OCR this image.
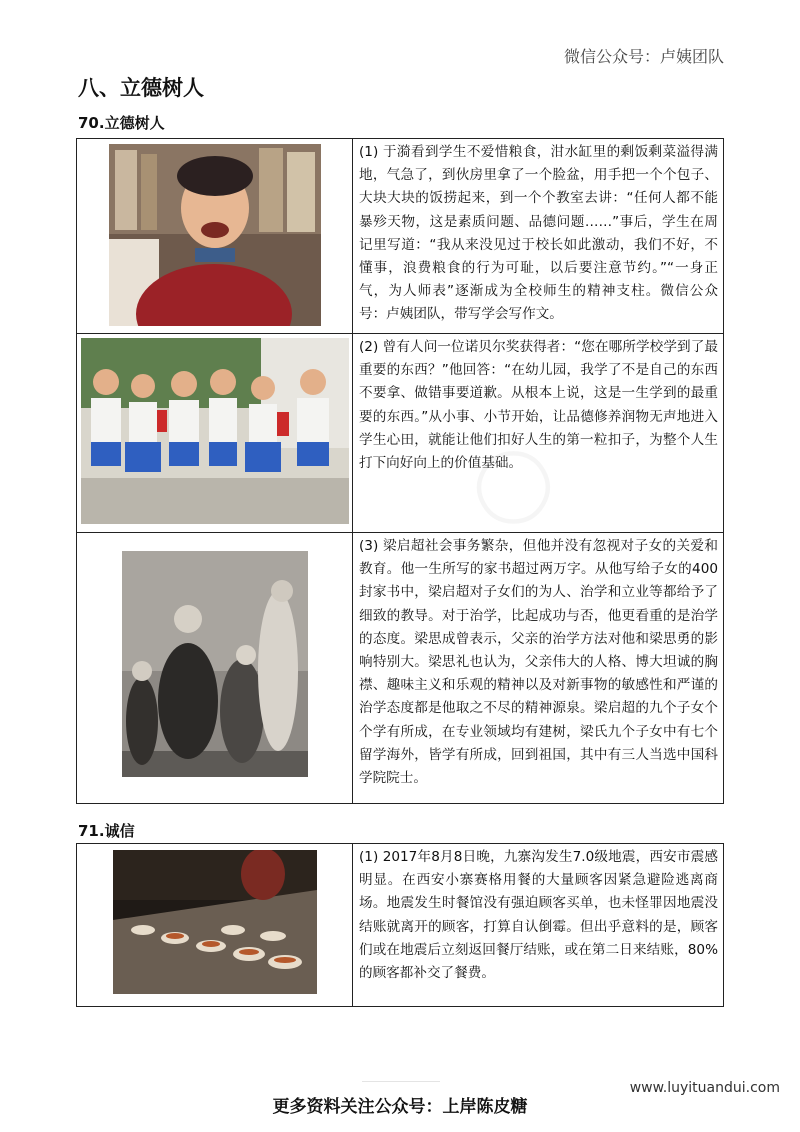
微信公众号：卢姨团队
八、立德树人
70.立德树人
	(1) 于漪看到学生不爱惜粮食，泔水缸里的剩饭剩菜溢得满地，气急了，到伙房里拿了一个脸盆，用手把一个个包子、大块大块的饭捞起来，到一个个教室去讲：“任何人都不能暴殄天物，这是素质问题、品德问题……”事后，学生在周记里写道：“我从来没见过于校长如此激动，我们不好，不懂事，浪费粮食的行为可耻，以后要注意节约。”“一身正气，为人师表”逐渐成为全校师生的精神支柱。微信公众号：卢姨团队，带写学会写作文。

	(2) 曾有人问一位诺贝尔奖获得者：“您在哪所学校学到了最重要的东西？”他回答：“在幼儿园，我学了不是自己的东西不要拿、做错事要道歉。从根本上说，这是一生学到的最重要的东西。”从小事、小节开始，让品德修养润物无声地进入学生心田，就能让他们扣好人生的第一粒扣子，为整个人生打下向好向上的价值基础。

	(3) 梁启超社会事务繁杂，但他并没有忽视对子女的关爱和教育。他一生所写的家书超过两万字。从他写给子女的400封家书中，梁启超对子女们的为人、治学和立业等都给予了细致的教导。对于治学，比起成功与否，他更看重的是治学的态度。梁思成曾表示，父亲的治学方法对他和梁思勇的影响特别大。梁思礼也认为，父亲伟大的人格、博大坦诚的胸襟、趣味主义和乐观的精神以及对新事物的敏感性和严谨的治学态度都是他取之不尽的精神源泉。梁启超的九个子女个个学有所成，在专业领域均有建树，梁氏九个子女中有七个留学海外，皆学有所成，回到祖国，其中有三人当选中国科学院院士。
71.诚信
	(1) 2017年8月8日晚，九寨沟发生7.0级地震，西安市震感明显。在西安小寨赛格用餐的大量顾客因紧急避险逃离商场。地震发生时餐馆没有强迫顾客买单，也未怪罪因地震没结账就离开的顾客，打算自认倒霉。但出乎意料的是，顾客们或在地震后立刻返回餐厅结账，或在第二日来结账，80%的顾客都补交了餐费。
www.luyituandui.com
更多资料关注公众号：上岸陈皮糖
